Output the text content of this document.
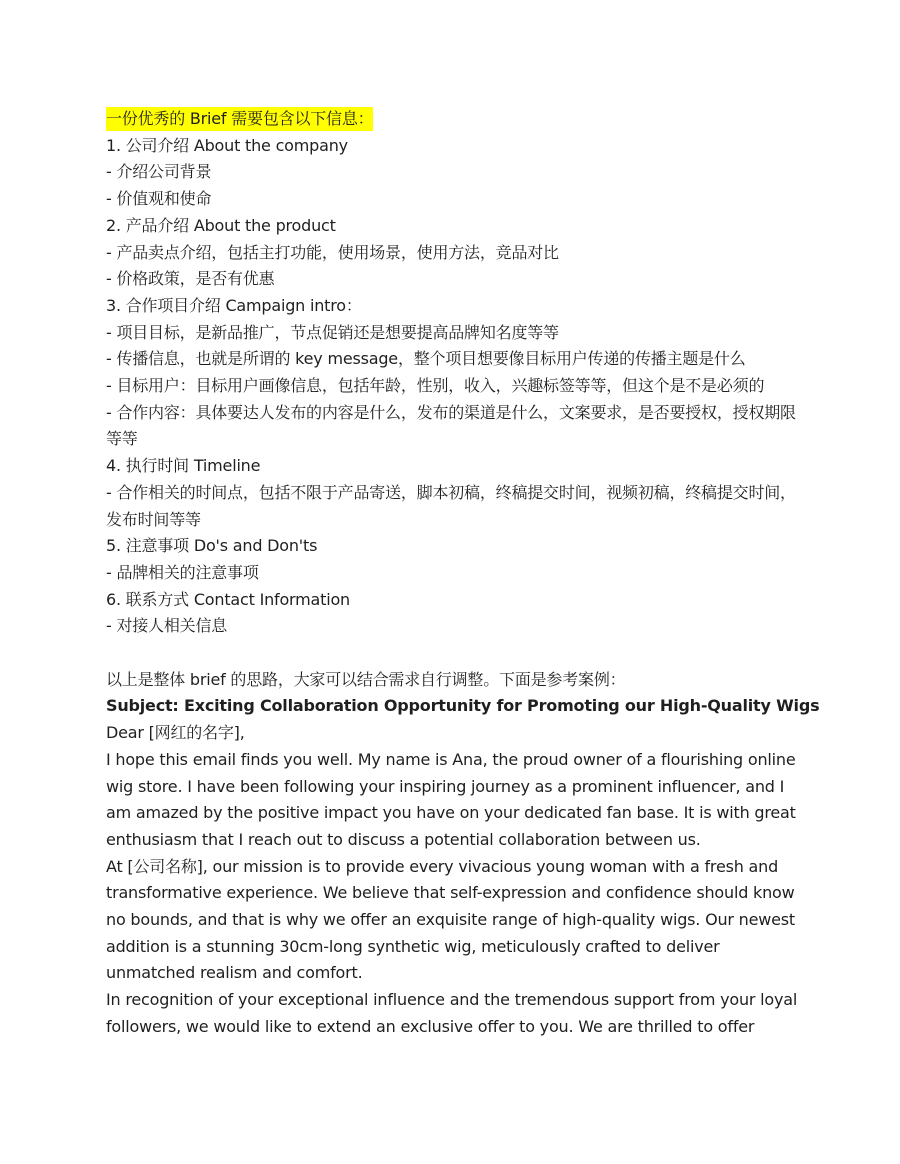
一份优秀的 Brief 需要包含以下信息：
1. 公司介绍 About the company
- 介绍公司背景
- 价值观和使命
2. 产品介绍 About the product
- 产品卖点介绍，包括主打功能，使用场景，使用方法，竞品对比
- 价格政策，是否有优惠
3. 合作项目介绍 Campaign intro：
- 项目目标，是新品推广，节点促销还是想要提高品牌知名度等等
- 传播信息，也就是所谓的 key message，整个项目想要像目标用户传递的传播主题是什么
- 目标用户：目标用户画像信息，包括年龄，性别，收入，兴趣标签等等，但这个是不是必须的
- 合作内容：具体要达人发布的内容是什么，发布的渠道是什么，文案要求，是否要授权，授权期限等等
4. 执行时间 Timeline
- 合作相关的时间点，包括不限于产品寄送，脚本初稿，终稿提交时间，视频初稿，终稿提交时间，发布时间等等
5. 注意事项 Do's and Don'ts
- 品牌相关的注意事项
6. 联系方式 Contact Information
- 对接人相关信息
以上是整体 brief 的思路，大家可以结合需求自行调整。下面是参考案例：
Subject: Exciting Collaboration Opportunity for Promoting our High-Quality Wigs
Dear [网红的名字],
I hope this email finds you well. My name is Ana, the proud owner of a flourishing online wig store. I have been following your inspiring journey as a prominent influencer, and I am amazed by the positive impact you have on your dedicated fan base. It is with great enthusiasm that I reach out to discuss a potential collaboration between us.
At [公司名称], our mission is to provide every vivacious young woman with a fresh and transformative experience. We believe that self-expression and confidence should know no bounds, and that is why we offer an exquisite range of high-quality wigs. Our newest addition is a stunning 30cm-long synthetic wig, meticulously crafted to deliver unmatched realism and comfort.
In recognition of your exceptional influence and the tremendous support from your loyal followers, we would like to extend an exclusive offer to you. We are thrilled to offer
